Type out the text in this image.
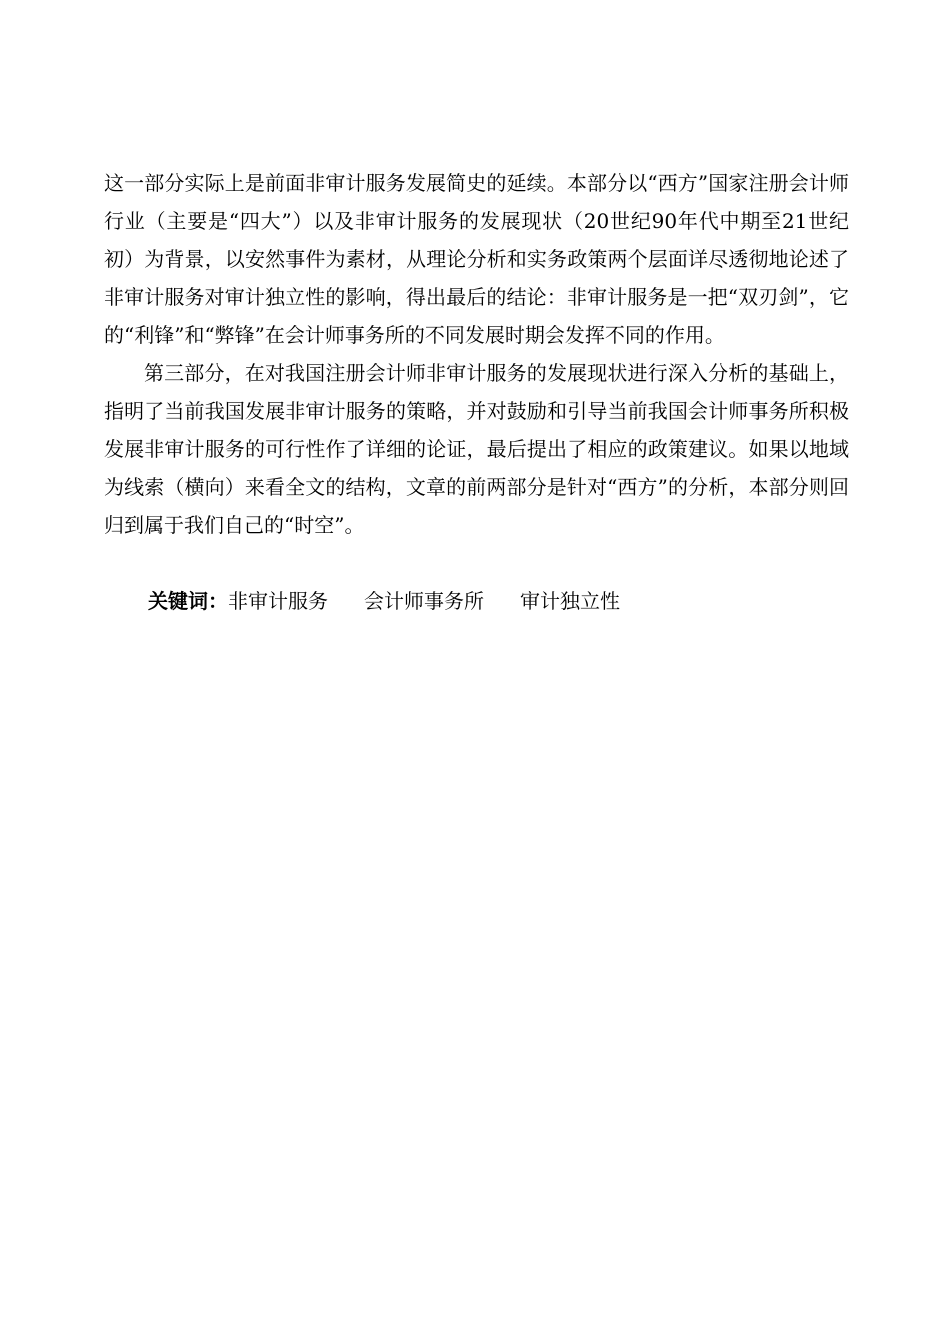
这一部分实际上是前面非审计服务发展简史的延续。本部分以“西方”国家注册会计师行业（主要是“四大”）以及非审计服务的发展现状（20世纪90年代中期至21世纪初）为背景，以安然事件为素材，从理论分析和实务政策两个层面详尽透彻地论述了非审计服务对审计独立性的影响，得出最后的结论：非审计服务是一把“双刃剑”，它的“利锋”和“弊锋”在会计师事务所的不同发展时期会发挥不同的作用。

第三部分，在对我国注册会计师非审计服务的发展现状进行深入分析的基础上，指明了当前我国发展非审计服务的策略，并对鼓励和引导当前我国会计师事务所积极发展非审计服务的可行性作了详细的论证，最后提出了相应的政策建议。如果以地域为线索（横向）来看全文的结构，文章的前两部分是针对“西方”的分析，本部分则回归到属于我们自己的“时空”。

关键词：非审计服务 会计师事务所 审计独立性
